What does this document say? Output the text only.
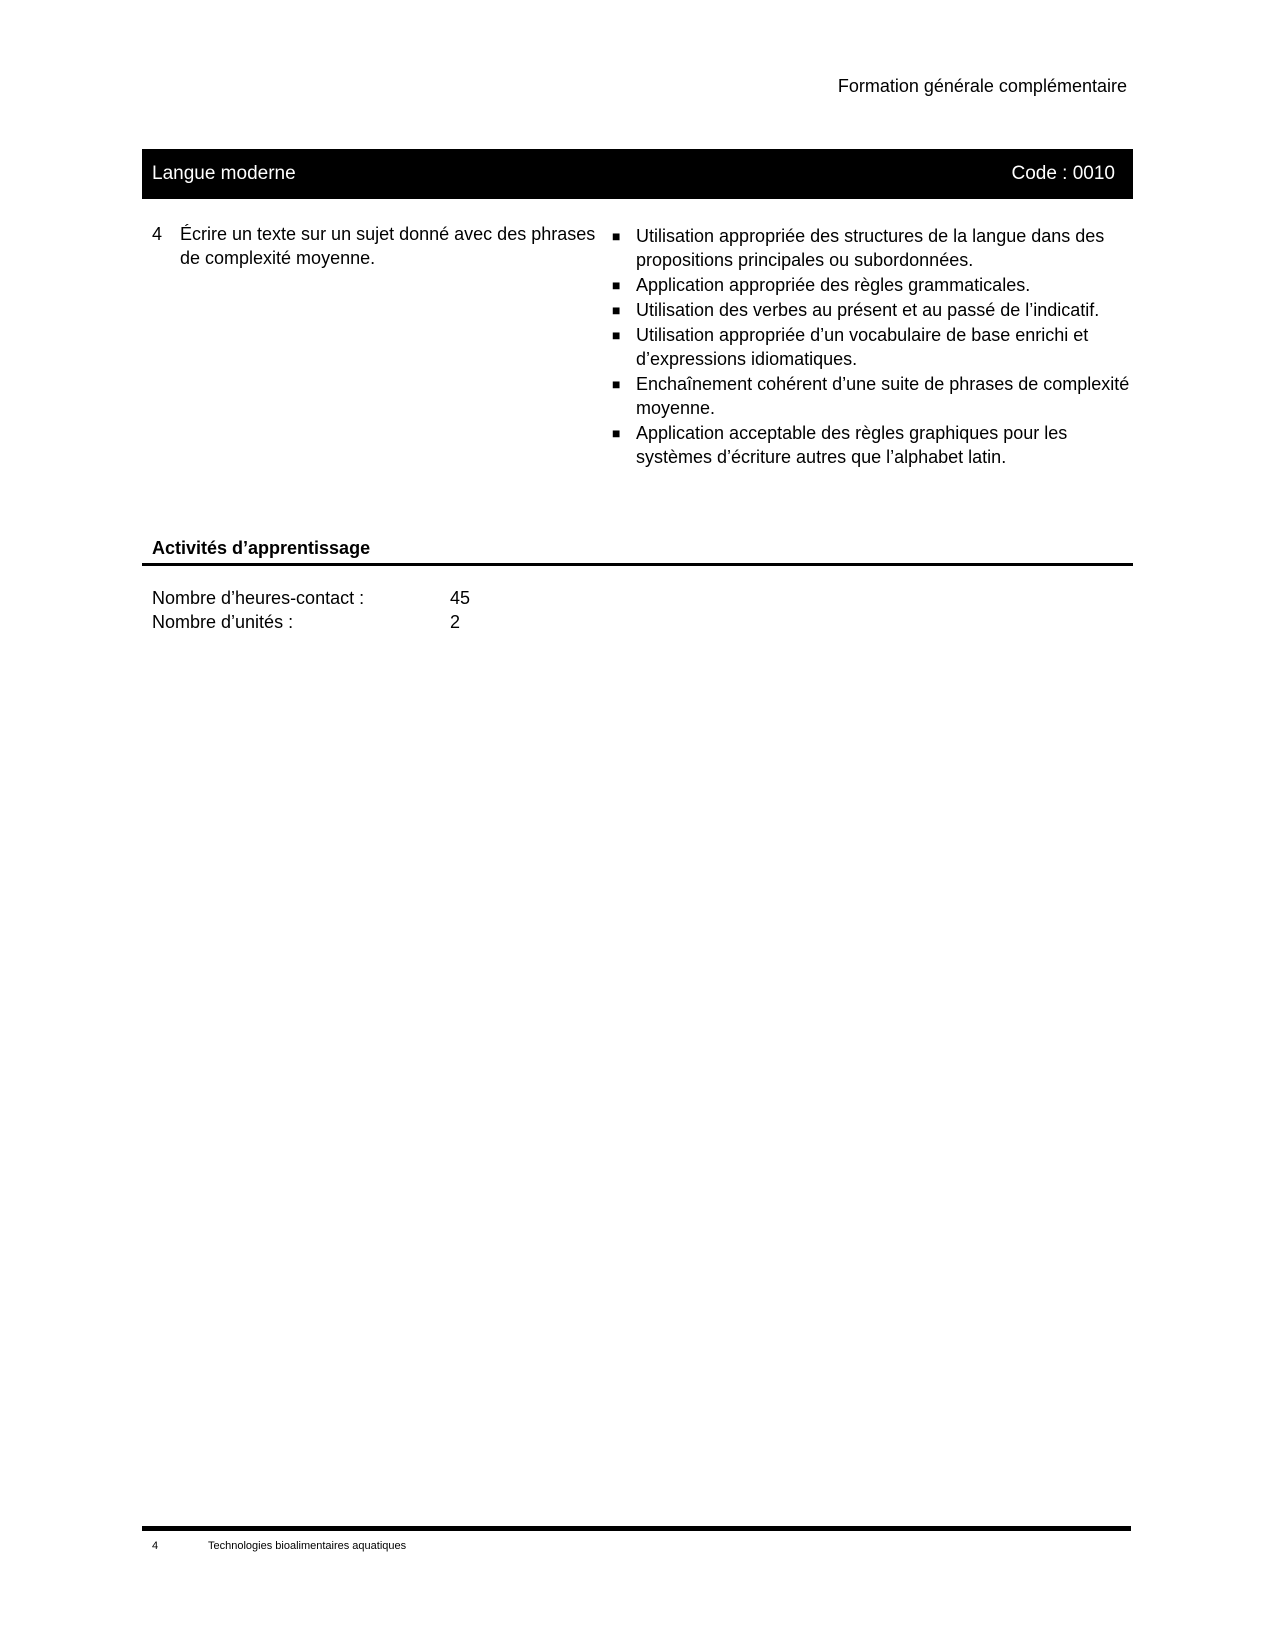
Formation générale complémentaire
Langue moderne	Code : 0010
4 Écrire un texte sur un sujet donné avec des phrases de complexité moyenne.
■ Utilisation appropriée des structures de la langue dans des propositions principales ou subordonnées.
■ Application appropriée des règles grammaticales.
■ Utilisation des verbes au présent et au passé de l’indicatif.
■ Utilisation appropriée d’un vocabulaire de base enrichi et d’expressions idiomatiques.
■ Enchaînement cohérent d’une suite de phrases de complexité moyenne.
■ Application acceptable des règles graphiques pour les systèmes d’écriture autres que l’alphabet latin.
Activités d’apprentissage
Nombre d’heures-contact :	45
Nombre d’unités :	2
4	Technologies bioalimentaires aquatiques
